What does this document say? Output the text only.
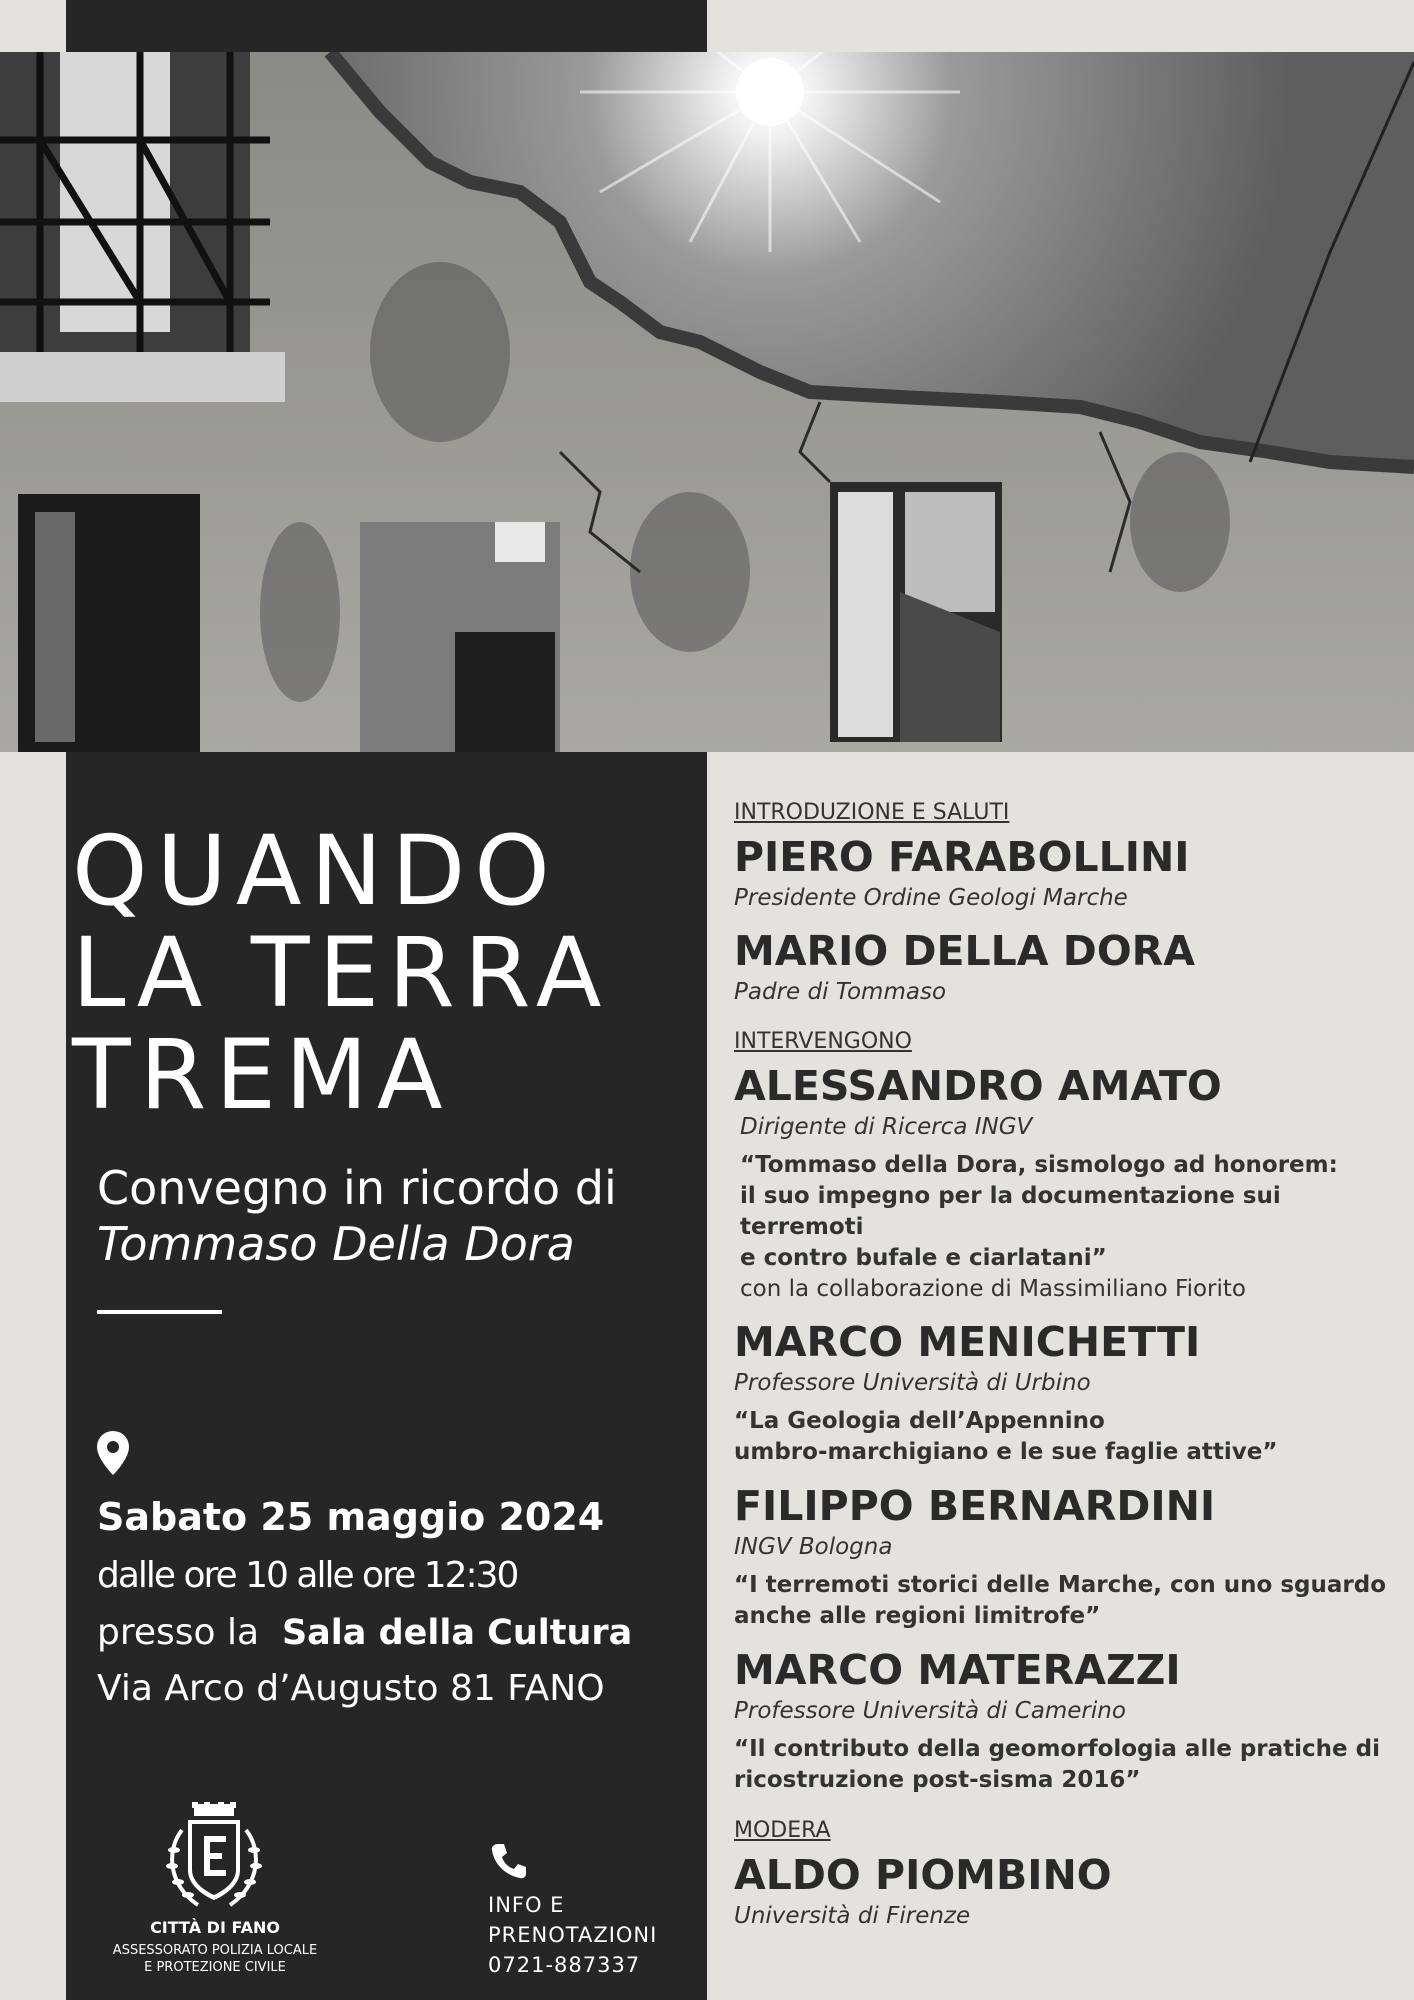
QUANDO
LA TERRA
TREMA
Convegno in ricordo di
Tommaso Della Dora
Sabato 25 maggio 2024
dalle ore 10 alle ore 12:30
presso la Sala della Cultura
Via Arco d’Augusto 81 FANO
CITTÀ DI FANO
ASSESSORATO POLIZIA LOCALE
E PROTEZIONE CIVILE
INFO E
PRENOTAZIONI
0721-887337
INTRODUZIONE E SALUTI
PIERO FARABOLLINI
Presidente Ordine Geologi Marche
MARIO DELLA DORA
Padre di Tommaso
INTERVENGONO
ALESSANDRO AMATO
Dirigente di Ricerca INGV
“Tommaso della Dora, sismologo ad honorem:
il suo impegno per la documentazione sui terremoti
e contro bufale e ciarlatani”
con la collaborazione di Massimiliano Fiorito
MARCO MENICHETTI
Professore Università di Urbino
“La Geologia dell’Appennino
umbro-marchigiano e le sue faglie attive”
FILIPPO BERNARDINI
INGV Bologna
“I terremoti storici delle Marche, con uno sguardo
anche alle regioni limitrofe”
MARCO MATERAZZI
Professore Università di Camerino
“Il contributo della geomorfologia alle pratiche di
ricostruzione post-sisma 2016”
MODERA
ALDO PIOMBINO
Università di Firenze
